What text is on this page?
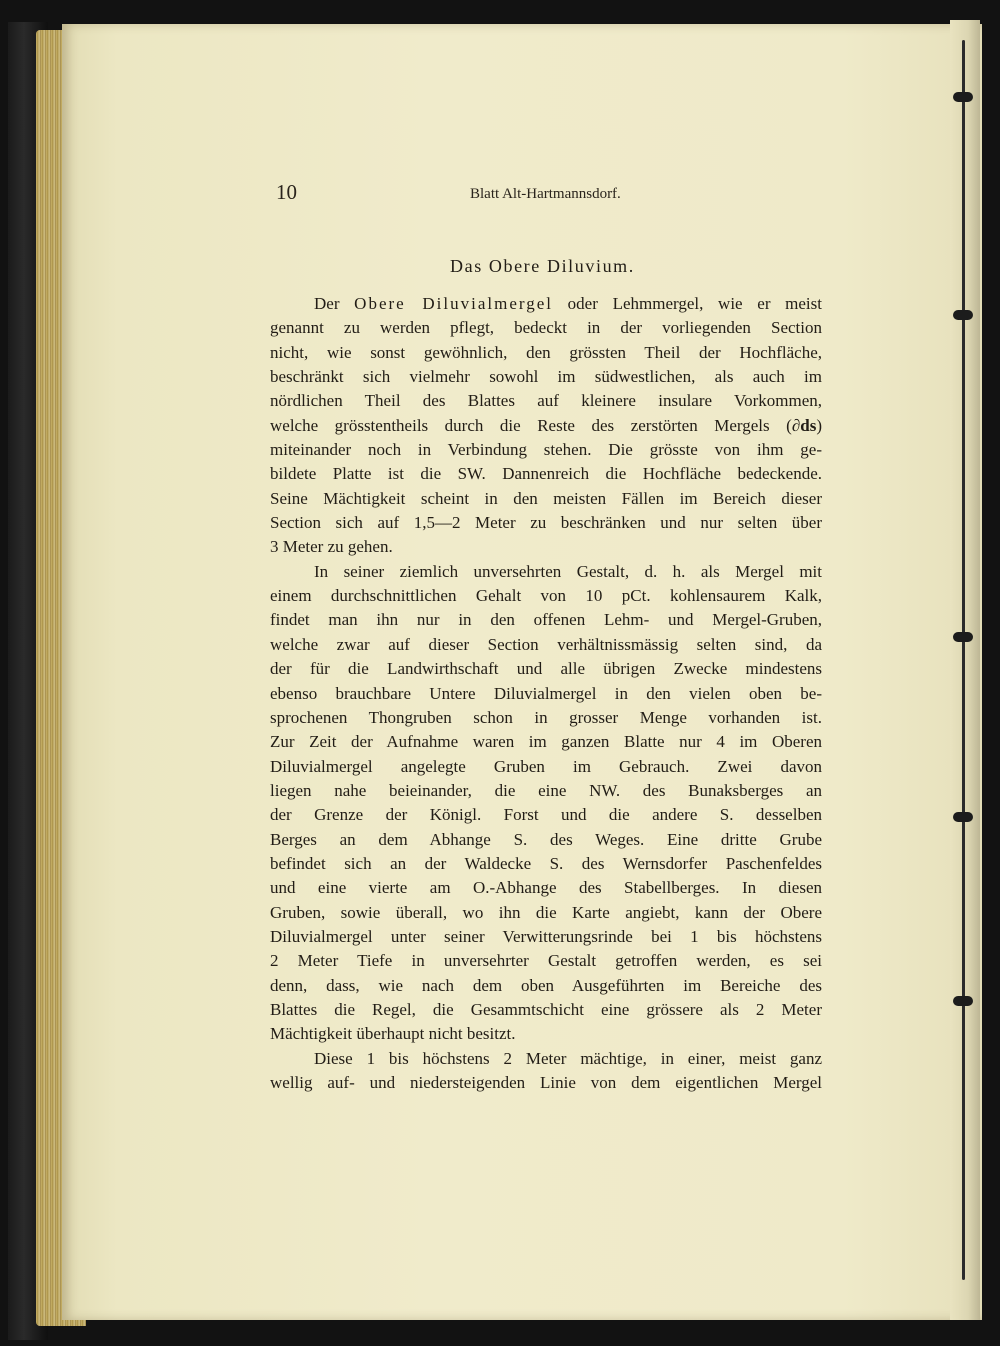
10	Blatt Alt-Hartmannsdorf.
Das Obere Diluvium.
Der Obere Diluvialmergel oder Lehmmergel, wie er meist
genannt zu werden pflegt, bedeckt in der vorliegenden Section
nicht, wie sonst gewöhnlich, den grössten Theil der Hochfläche,
beschränkt sich vielmehr sowohl im südwestlichen, als auch im
nördlichen Theil des Blattes auf kleinere insulare Vorkommen,
welche grösstentheils durch die Reste des zerstörten Mergels (∂ds)
miteinander noch in Verbindung stehen. Die grösste von ihm ge-
bildete Platte ist die SW. Dannenreich die Hochfläche bedeckende.
Seine Mächtigkeit scheint in den meisten Fällen im Bereich dieser
Section sich auf 1,5—2 Meter zu beschränken und nur selten über
3 Meter zu gehen.
In seiner ziemlich unversehrten Gestalt, d. h. als Mergel mit
einem durchschnittlichen Gehalt von 10 pCt. kohlensaurem Kalk,
findet man ihn nur in den offenen Lehm- und Mergel-Gruben,
welche zwar auf dieser Section verhältnissmässig selten sind, da
der für die Landwirthschaft und alle übrigen Zwecke mindestens
ebenso brauchbare Untere Diluvialmergel in den vielen oben be-
sprochenen Thongruben schon in grosser Menge vorhanden ist.
Zur Zeit der Aufnahme waren im ganzen Blatte nur 4 im Oberen
Diluvialmergel angelegte Gruben im Gebrauch. Zwei davon
liegen nahe beieinander, die eine NW. des Bunaksberges an
der Grenze der Königl. Forst und die andere S. desselben
Berges an dem Abhange S. des Weges. Eine dritte Grube
befindet sich an der Waldecke S. des Wernsdorfer Paschenfeldes
und eine vierte am O.-Abhange des Stabellberges. In diesen
Gruben, sowie überall, wo ihn die Karte angiebt, kann der Obere
Diluvialmergel unter seiner Verwitterungsrinde bei 1 bis höchstens
2 Meter Tiefe in unversehrter Gestalt getroffen werden, es sei
denn, dass, wie nach dem oben Ausgeführten im Bereiche des
Blattes die Regel, die Gesammtschicht eine grössere als 2 Meter
Mächtigkeit überhaupt nicht besitzt.
Diese 1 bis höchstens 2 Meter mächtige, in einer, meist ganz
wellig auf- und niedersteigenden Linie von dem eigentlichen Mergel
